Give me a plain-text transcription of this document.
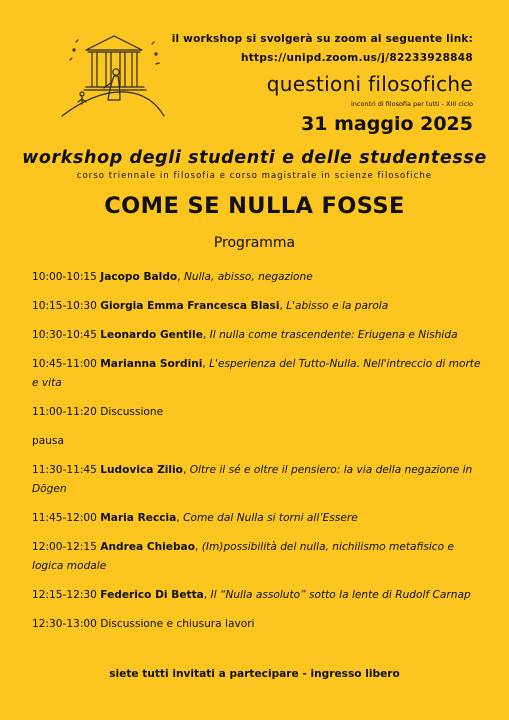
il workshop si svolgerà su zoom al seguente link:
https://unipd.zoom.us/j/82233928848
questioni filosofiche
incontri di filosofia per tutti - XIII ciclo
31 maggio 2025
workshop degli studenti e delle studentesse
corso triennale in filosofia e corso magistrale in scienze filosofiche
COME SE NULLA FOSSE
Programma
10:00-10:15 Jacopo Baldo, Nulla, abisso, negazione
10:15-10:30 Giorgia Emma Francesca Blasi, L'abisso e la parola
10:30-10:45 Leonardo Gentile, Il nulla come trascendente: Eriugena e Nishida
10:45-11:00 Marianna Sordini, L'esperienza del Tutto-Nulla. Nell'intreccio di morte e vita
11:00-11:20 Discussione
pausa
11:30-11:45 Ludovica Zilio, Oltre il sé e oltre il pensiero: la via della negazione in Dōgen
11:45-12:00 Maria Reccia, Come dal Nulla si torni all’Essere
12:00-12:15 Andrea Chiebao, (Im)possibilità del nulla, nichilismo metafisico e logica modale
12:15-12:30 Federico Di Betta, Il “Nulla assoluto” sotto la lente di Rudolf Carnap
12:30-13:00 Discussione e chiusura lavori
siete tutti invitati a partecipare - ingresso libero
